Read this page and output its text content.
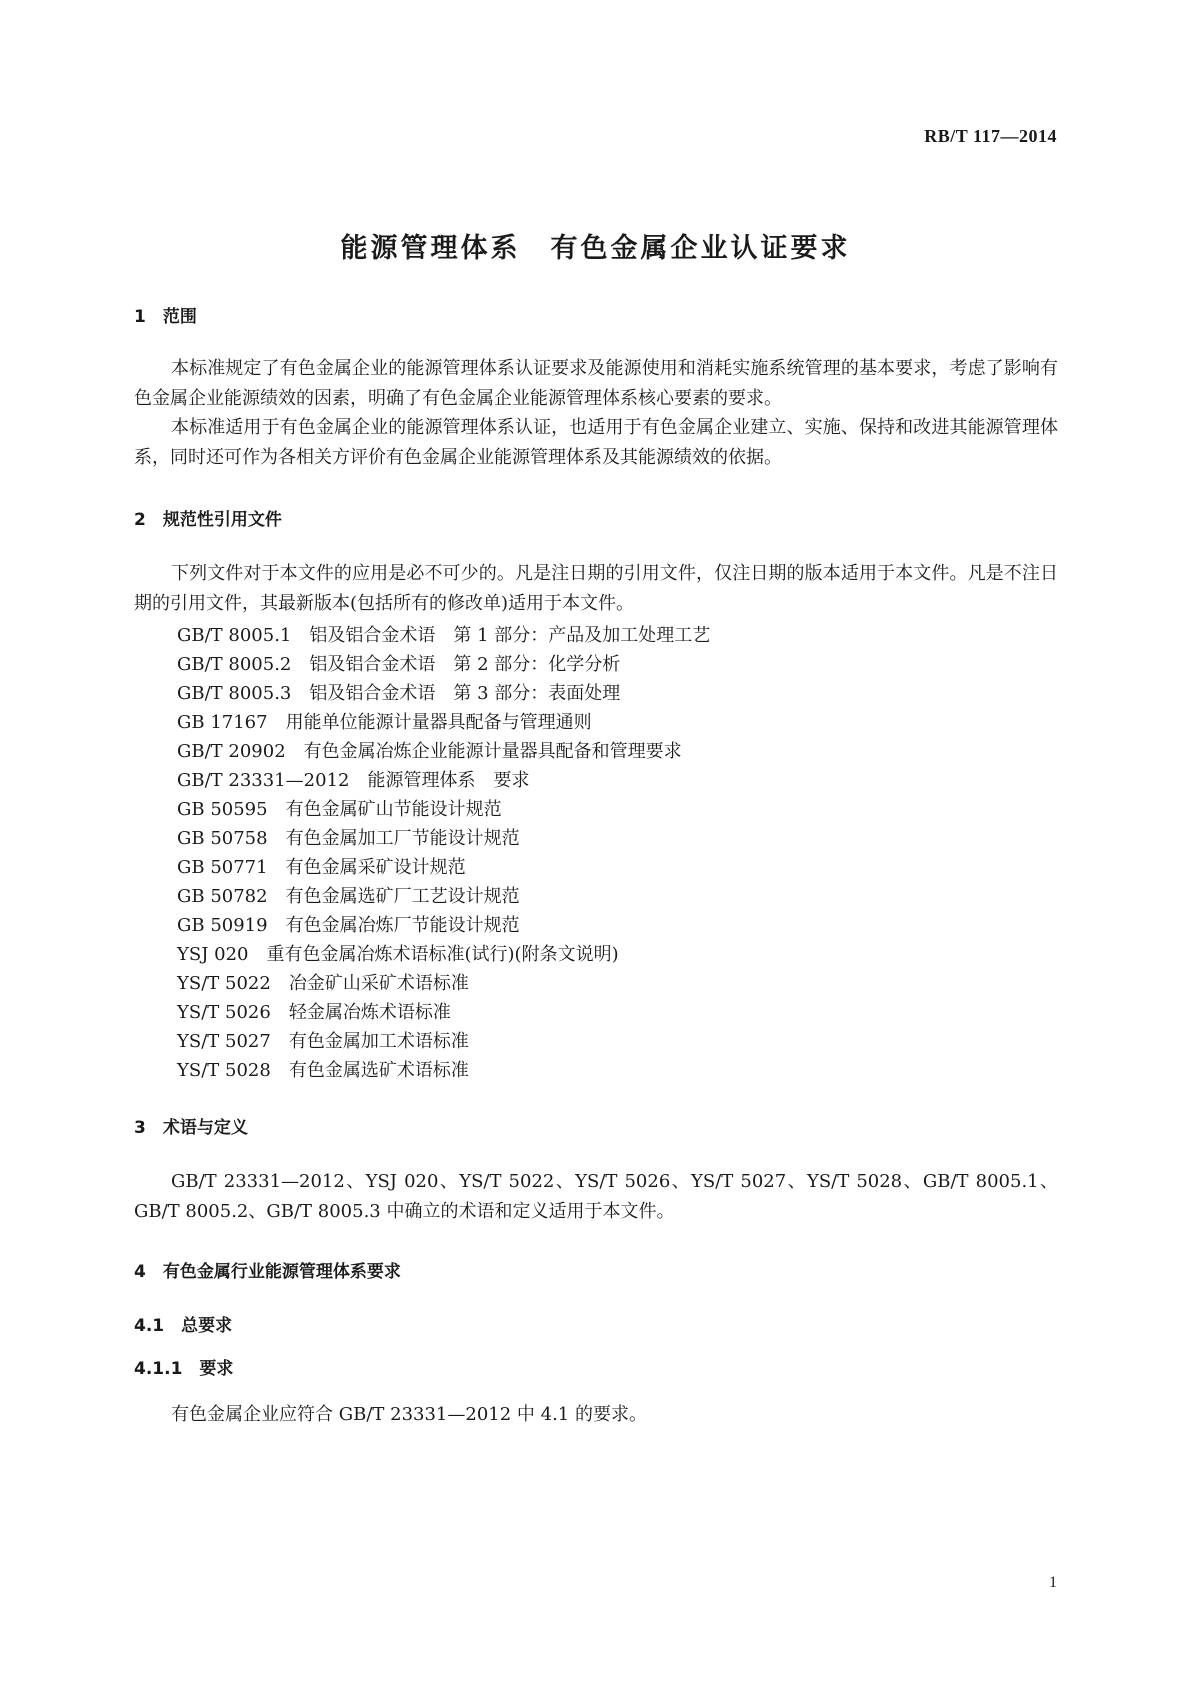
RB/T 117—2014
能源管理体系　有色金属企业认证要求
1　范围
本标准规定了有色金属企业的能源管理体系认证要求及能源使用和消耗实施系统管理的基本要求，考虑了影响有色金属企业能源绩效的因素，明确了有色金属企业能源管理体系核心要素的要求。
本标准适用于有色金属企业的能源管理体系认证，也适用于有色金属企业建立、实施、保持和改进其能源管理体系，同时还可作为各相关方评价有色金属企业能源管理体系及其能源绩效的依据。
2　规范性引用文件
下列文件对于本文件的应用是必不可少的。凡是注日期的引用文件，仅注日期的版本适用于本文件。凡是不注日期的引用文件，其最新版本(包括所有的修改单)适用于本文件。
GB/T 8005.1　铝及铝合金术语　第 1 部分：产品及加工处理工艺
GB/T 8005.2　铝及铝合金术语　第 2 部分：化学分析
GB/T 8005.3　铝及铝合金术语　第 3 部分：表面处理
GB 17167　用能单位能源计量器具配备与管理通则
GB/T 20902　有色金属冶炼企业能源计量器具配备和管理要求
GB/T 23331—2012　能源管理体系　要求
GB 50595　有色金属矿山节能设计规范
GB 50758　有色金属加工厂节能设计规范
GB 50771　有色金属采矿设计规范
GB 50782　有色金属选矿厂工艺设计规范
GB 50919　有色金属冶炼厂节能设计规范
YSJ 020　重有色金属冶炼术语标准(试行)(附条文说明)
YS/T 5022　冶金矿山采矿术语标准
YS/T 5026　轻金属冶炼术语标准
YS/T 5027　有色金属加工术语标准
YS/T 5028　有色金属选矿术语标准
3　术语与定义
GB/T 23331—2012、YSJ 020、YS/T 5022、YS/T 5026、YS/T 5027、YS/T 5028、GB/T 8005.1、GB/T 8005.2、GB/T 8005.3 中确立的术语和定义适用于本文件。
4　有色金属行业能源管理体系要求
4.1　总要求
4.1.1　要求
有色金属企业应符合 GB/T 23331—2012 中 4.1 的要求。
1
